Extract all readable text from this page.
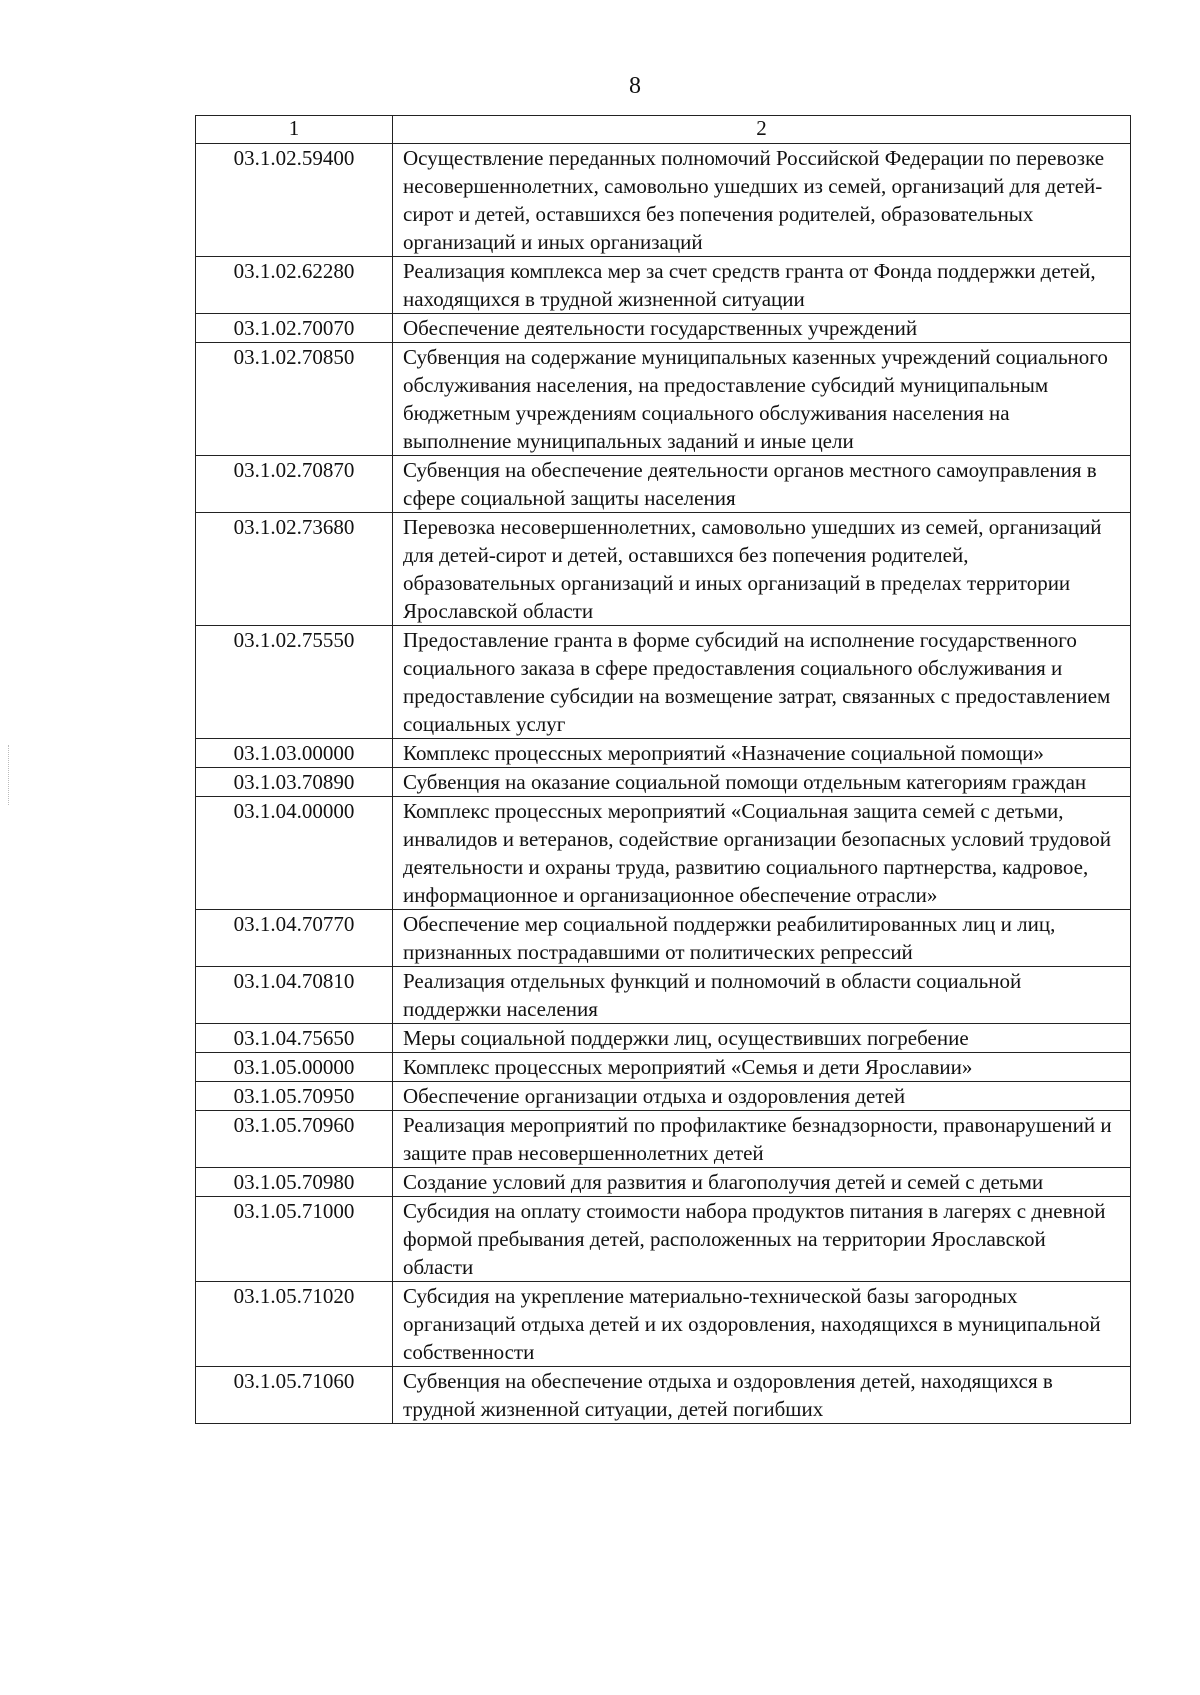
8
1	2
03.1.02.59400	Осуществление переданных полномочий Российской Федерации по перевозке несовершеннолетних, самовольно ушедших из семей, организаций для детей-сирот и детей, оставшихся без попечения родителей, образовательных организаций и иных организаций
03.1.02.62280	Реализация комплекса мер за счет средств гранта от Фонда поддержки детей, находящихся в трудной жизненной ситуации
03.1.02.70070	Обеспечение деятельности государственных учреждений
03.1.02.70850	Субвенция на содержание муниципальных казенных учреждений социального обслуживания населения, на предоставление субсидий муниципальным бюджетным учреждениям социального обслуживания населения на выполнение муниципальных заданий и иные цели
03.1.02.70870	Субвенция на обеспечение деятельности органов местного самоуправления в сфере социальной защиты населения
03.1.02.73680	Перевозка несовершеннолетних, самовольно ушедших из семей, организаций для детей-сирот и детей, оставшихся без попечения родителей, образовательных организаций и иных организаций в пределах территории Ярославской области
03.1.02.75550	Предоставление гранта в форме субсидий на исполнение государственного социального заказа в сфере предоставления социального обслуживания и предоставление субсидии на возмещение затрат, связанных с предоставлением социальных услуг
03.1.03.00000	Комплекс процессных мероприятий «Назначение социальной помощи»
03.1.03.70890	Субвенция на оказание социальной помощи отдельным категориям граждан
03.1.04.00000	Комплекс процессных мероприятий «Социальная защита семей с детьми, инвалидов и ветеранов, содействие организации безопасных условий трудовой деятельности и охраны труда, развитию социального партнерства, кадровое, информационное и организационное обеспечение отрасли»
03.1.04.70770	Обеспечение мер социальной поддержки реабилитированных лиц и лиц, признанных пострадавшими от политических репрессий
03.1.04.70810	Реализация отдельных функций и полномочий в области социальной поддержки населения
03.1.04.75650	Меры социальной поддержки лиц, осуществивших погребение
03.1.05.00000	Комплекс процессных мероприятий «Семья и дети Ярославии»
03.1.05.70950	Обеспечение организации отдыха и оздоровления детей
03.1.05.70960	Реализация мероприятий по профилактике безнадзорности, правонарушений и защите прав несовершеннолетних детей
03.1.05.70980	Создание условий для развития и благополучия детей и семей с детьми
03.1.05.71000	Субсидия на оплату стоимости набора продуктов питания в лагерях с дневной формой пребывания детей, расположенных на территории Ярославской области
03.1.05.71020	Субсидия на укрепление материально-технической базы загородных организаций отдыха детей и их оздоровления, находящихся в муниципальной собственности
03.1.05.71060	Субвенция на обеспечение отдыха и оздоровления детей, находящихся в трудной жизненной ситуации, детей погибших
